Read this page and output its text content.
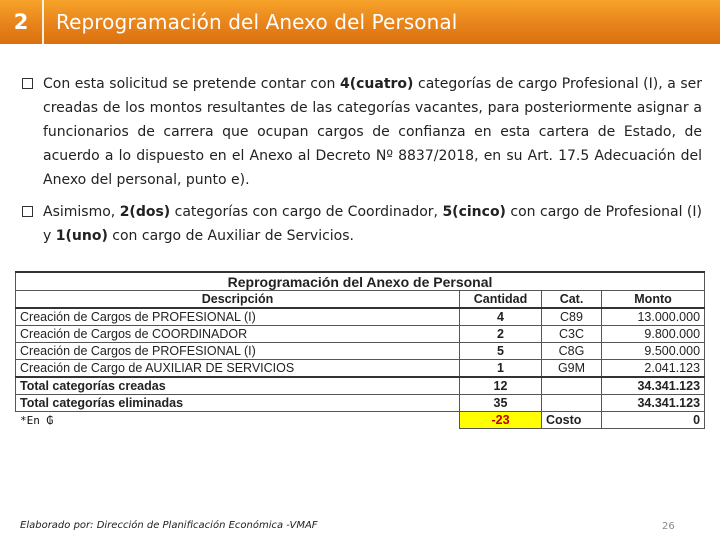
2	Reprogramación del Anexo del Personal
Con esta solicitud se pretende contar con 4(cuatro) categorías de cargo Profesional (I), a ser creadas de los montos resultantes de las categorías vacantes, para posteriormente asignar a funcionarios de carrera que ocupan cargos de confianza en esta cartera de Estado, de acuerdo a lo dispuesto en el Anexo al Decreto Nº 8837/2018, en su Art. 17.5 Adecuación del Anexo del personal, punto e).
Asimismo, 2(dos) categorías con cargo de Coordinador, 5(cinco) con cargo de Profesional (I) y 1(uno) con cargo de Auxiliar de Servicios.
Reprogramación del Anexo de Personal			
Descripción	Cantidad	Cat.	Monto
Creación de Cargos de PROFESIONAL (I)	4	C89	13.000.000
Creación de Cargos de COORDINADOR	2	C3C	9.800.000
Creación de Cargos de PROFESIONAL (I)	5	C8G	9.500.000
Creación de Cargo de AUXILIAR DE SERVICIOS	1	G9M	2.041.123
Total categorías creadas	12		34.341.123
Total categorías eliminadas	35		34.341.123
	-23	Costo	0
*En ₲
Elaborado por: Dirección de Planificación Económica -VMAF	26
